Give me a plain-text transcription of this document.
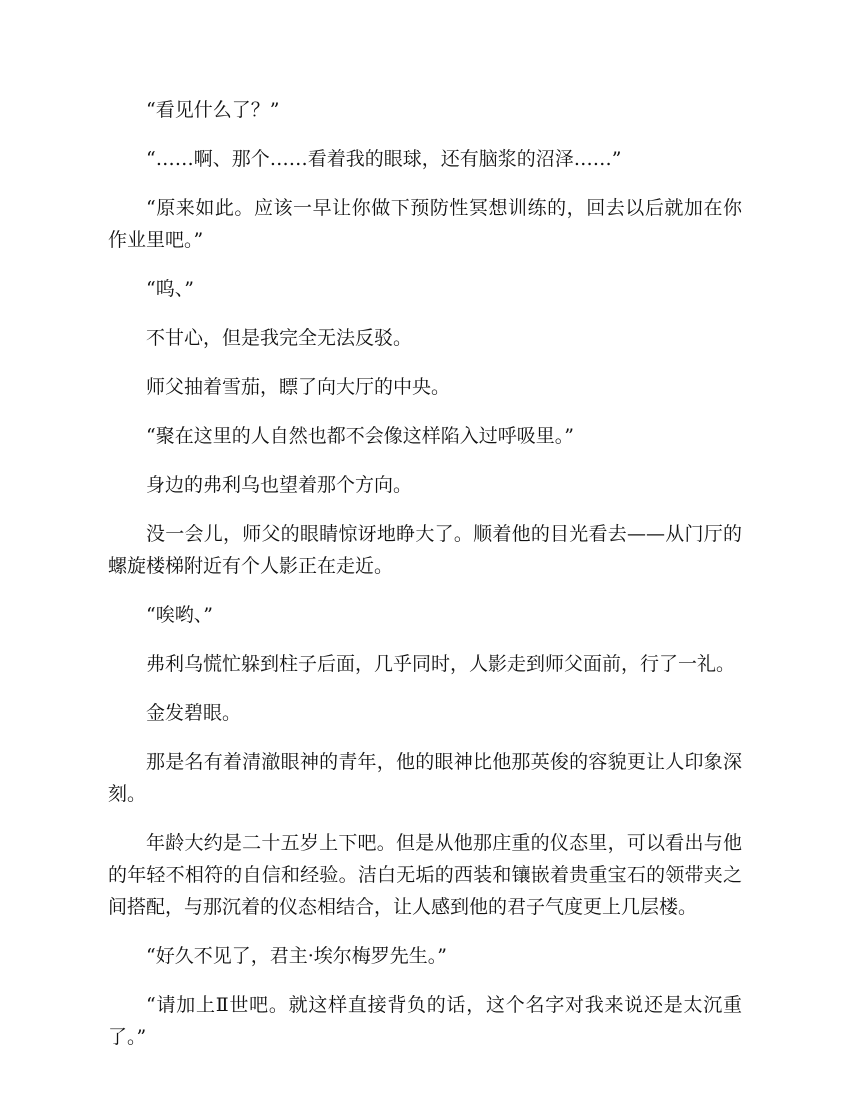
“看见什么了？”

“……啊、那个……看着我的眼球，还有脑浆的沼泽……”

“原来如此。应该一早让你做下预防性冥想训练的，回去以后就加在你作业里吧。”

“呜、”

不甘心，但是我完全无法反驳。

师父抽着雪茄，瞟了向大厅的中央。

“聚在这里的人自然也都不会像这样陷入过呼吸里。”

身边的弗利乌也望着那个方向。

没一会儿，师父的眼睛惊讶地睁大了。顺着他的目光看去——从门厅的螺旋楼梯附近有个人影正在走近。

“唉哟、”

弗利乌慌忙躲到柱子后面，几乎同时，人影走到师父面前，行了一礼。

金发碧眼。

那是名有着清澈眼神的青年，他的眼神比他那英俊的容貌更让人印象深刻。

年龄大约是二十五岁上下吧。但是从他那庄重的仪态里，可以看出与他的年轻不相符的自信和经验。洁白无垢的西装和镶嵌着贵重宝石的领带夹之间搭配，与那沉着的仪态相结合，让人感到他的君子气度更上几层楼。

“好久不见了，君主·埃尔梅罗先生。”

“请加上Ⅱ世吧。就这样直接背负的话，这个名字对我来说还是太沉重了。”
